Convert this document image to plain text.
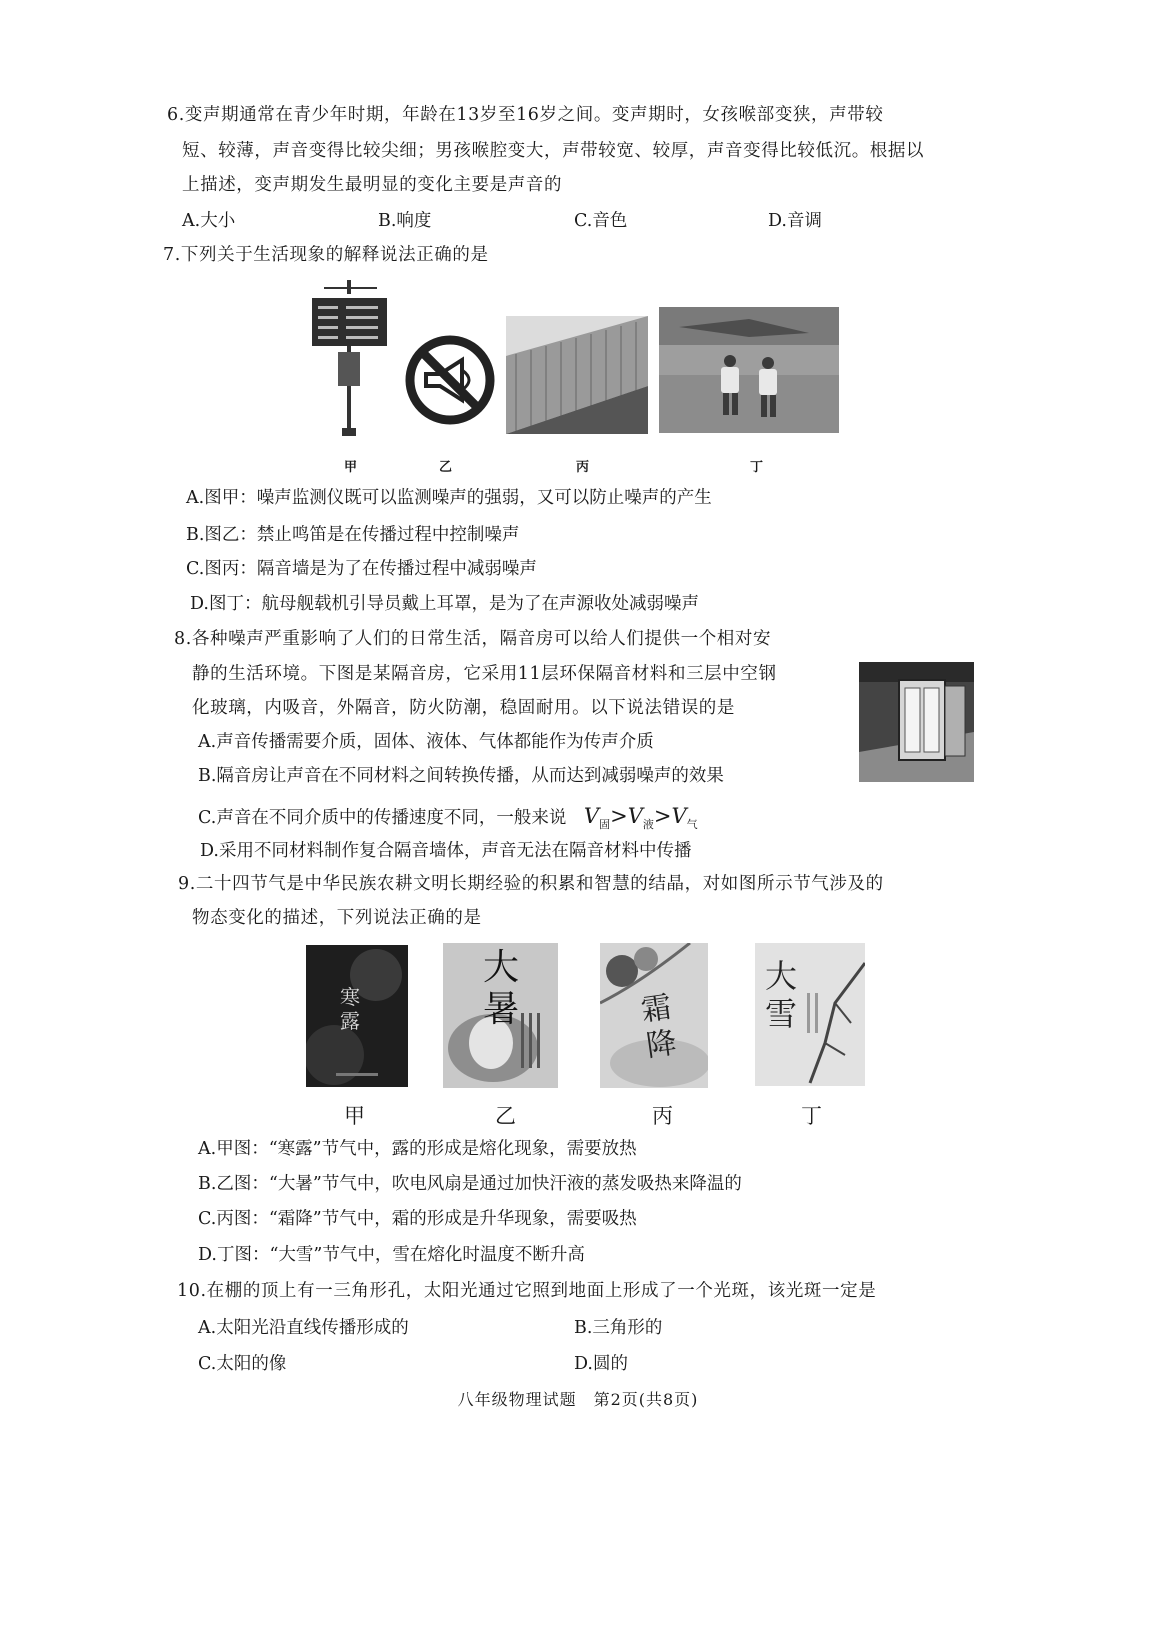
6.变声期通常在青少年时期，年龄在13岁至16岁之间。变声期时，女孩喉部变狭，声带较
短、较薄，声音变得比较尖细；男孩喉腔变大，声带较宽、较厚，声音变得比较低沉。根据以
上描述，变声期发生最明显的变化主要是声音的
A.大小	B.响度	C.音色	D.音调
7.下列关于生活现象的解释说法正确的是
甲	乙	丙	丁
A.图甲：噪声监测仪既可以监测噪声的强弱，又可以防止噪声的产生
B.图乙：禁止鸣笛是在传播过程中控制噪声
C.图丙：隔音墙是为了在传播过程中减弱噪声
D.图丁：航母舰载机引导员戴上耳罩，是为了在声源收处减弱噪声
8.各种噪声严重影响了人们的日常生活，隔音房可以给人们提供一个相对安
静的生活环境。下图是某隔音房，它采用11层环保隔音材料和三层中空钢
化玻璃，内吸音，外隔音，防火防潮，稳固耐用。以下说法错误的是
A.声音传播需要介质，固体、液体、气体都能作为传声介质
B.隔音房让声音在不同材料之间转换传播，从而达到减弱噪声的效果
C.声音在不同介质中的传播速度不同，一般来说 $V_固>V_液>V_气$
D.采用不同材料制作复合隔音墙体，声音无法在隔音材料中传播
9.二十四节气是中华民族农耕文明长期经验的积累和智慧的结晶，对如图所示节气涉及的
物态变化的描述，下列说法正确的是
寒露
大暑	霜降
大雪
甲	乙	丙	丁
A.甲图：“寒露”节气中，露的形成是熔化现象，需要放热
B.乙图：“大暑”节气中，吹电风扇是通过加快汗液的蒸发吸热来降温的
C.丙图：“霜降”节气中，霜的形成是升华现象，需要吸热
D.丁图：“大雪”节气中，雪在熔化时温度不断升高
10.在棚的顶上有一三角形孔，太阳光通过它照到地面上形成了一个光斑，该光斑一定是
A.太阳光沿直线传播形成的	B.三角形的
C.太阳的像	D.圆的
八年级物理试题　第2页(共8页)
